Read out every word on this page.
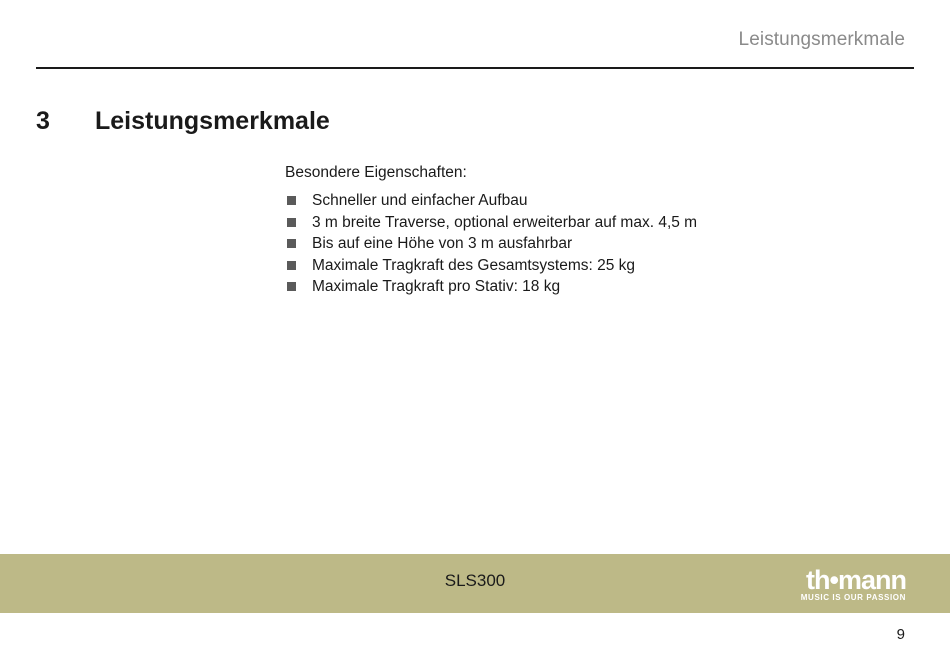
Leistungsmerkmale
3 Leistungsmerkmale
Besondere Eigenschaften:
Schneller und einfacher Aufbau
3 m breite Traverse, optional erweiterbar auf max. 4,5 m
Bis auf eine Höhe von 3 m ausfahrbar
Maximale Tragkraft des Gesamtsystems: 25 kg
Maximale Tragkraft pro Stativ: 18 kg
SLS300	th•mann
MUSIC IS OUR PASSION
9
